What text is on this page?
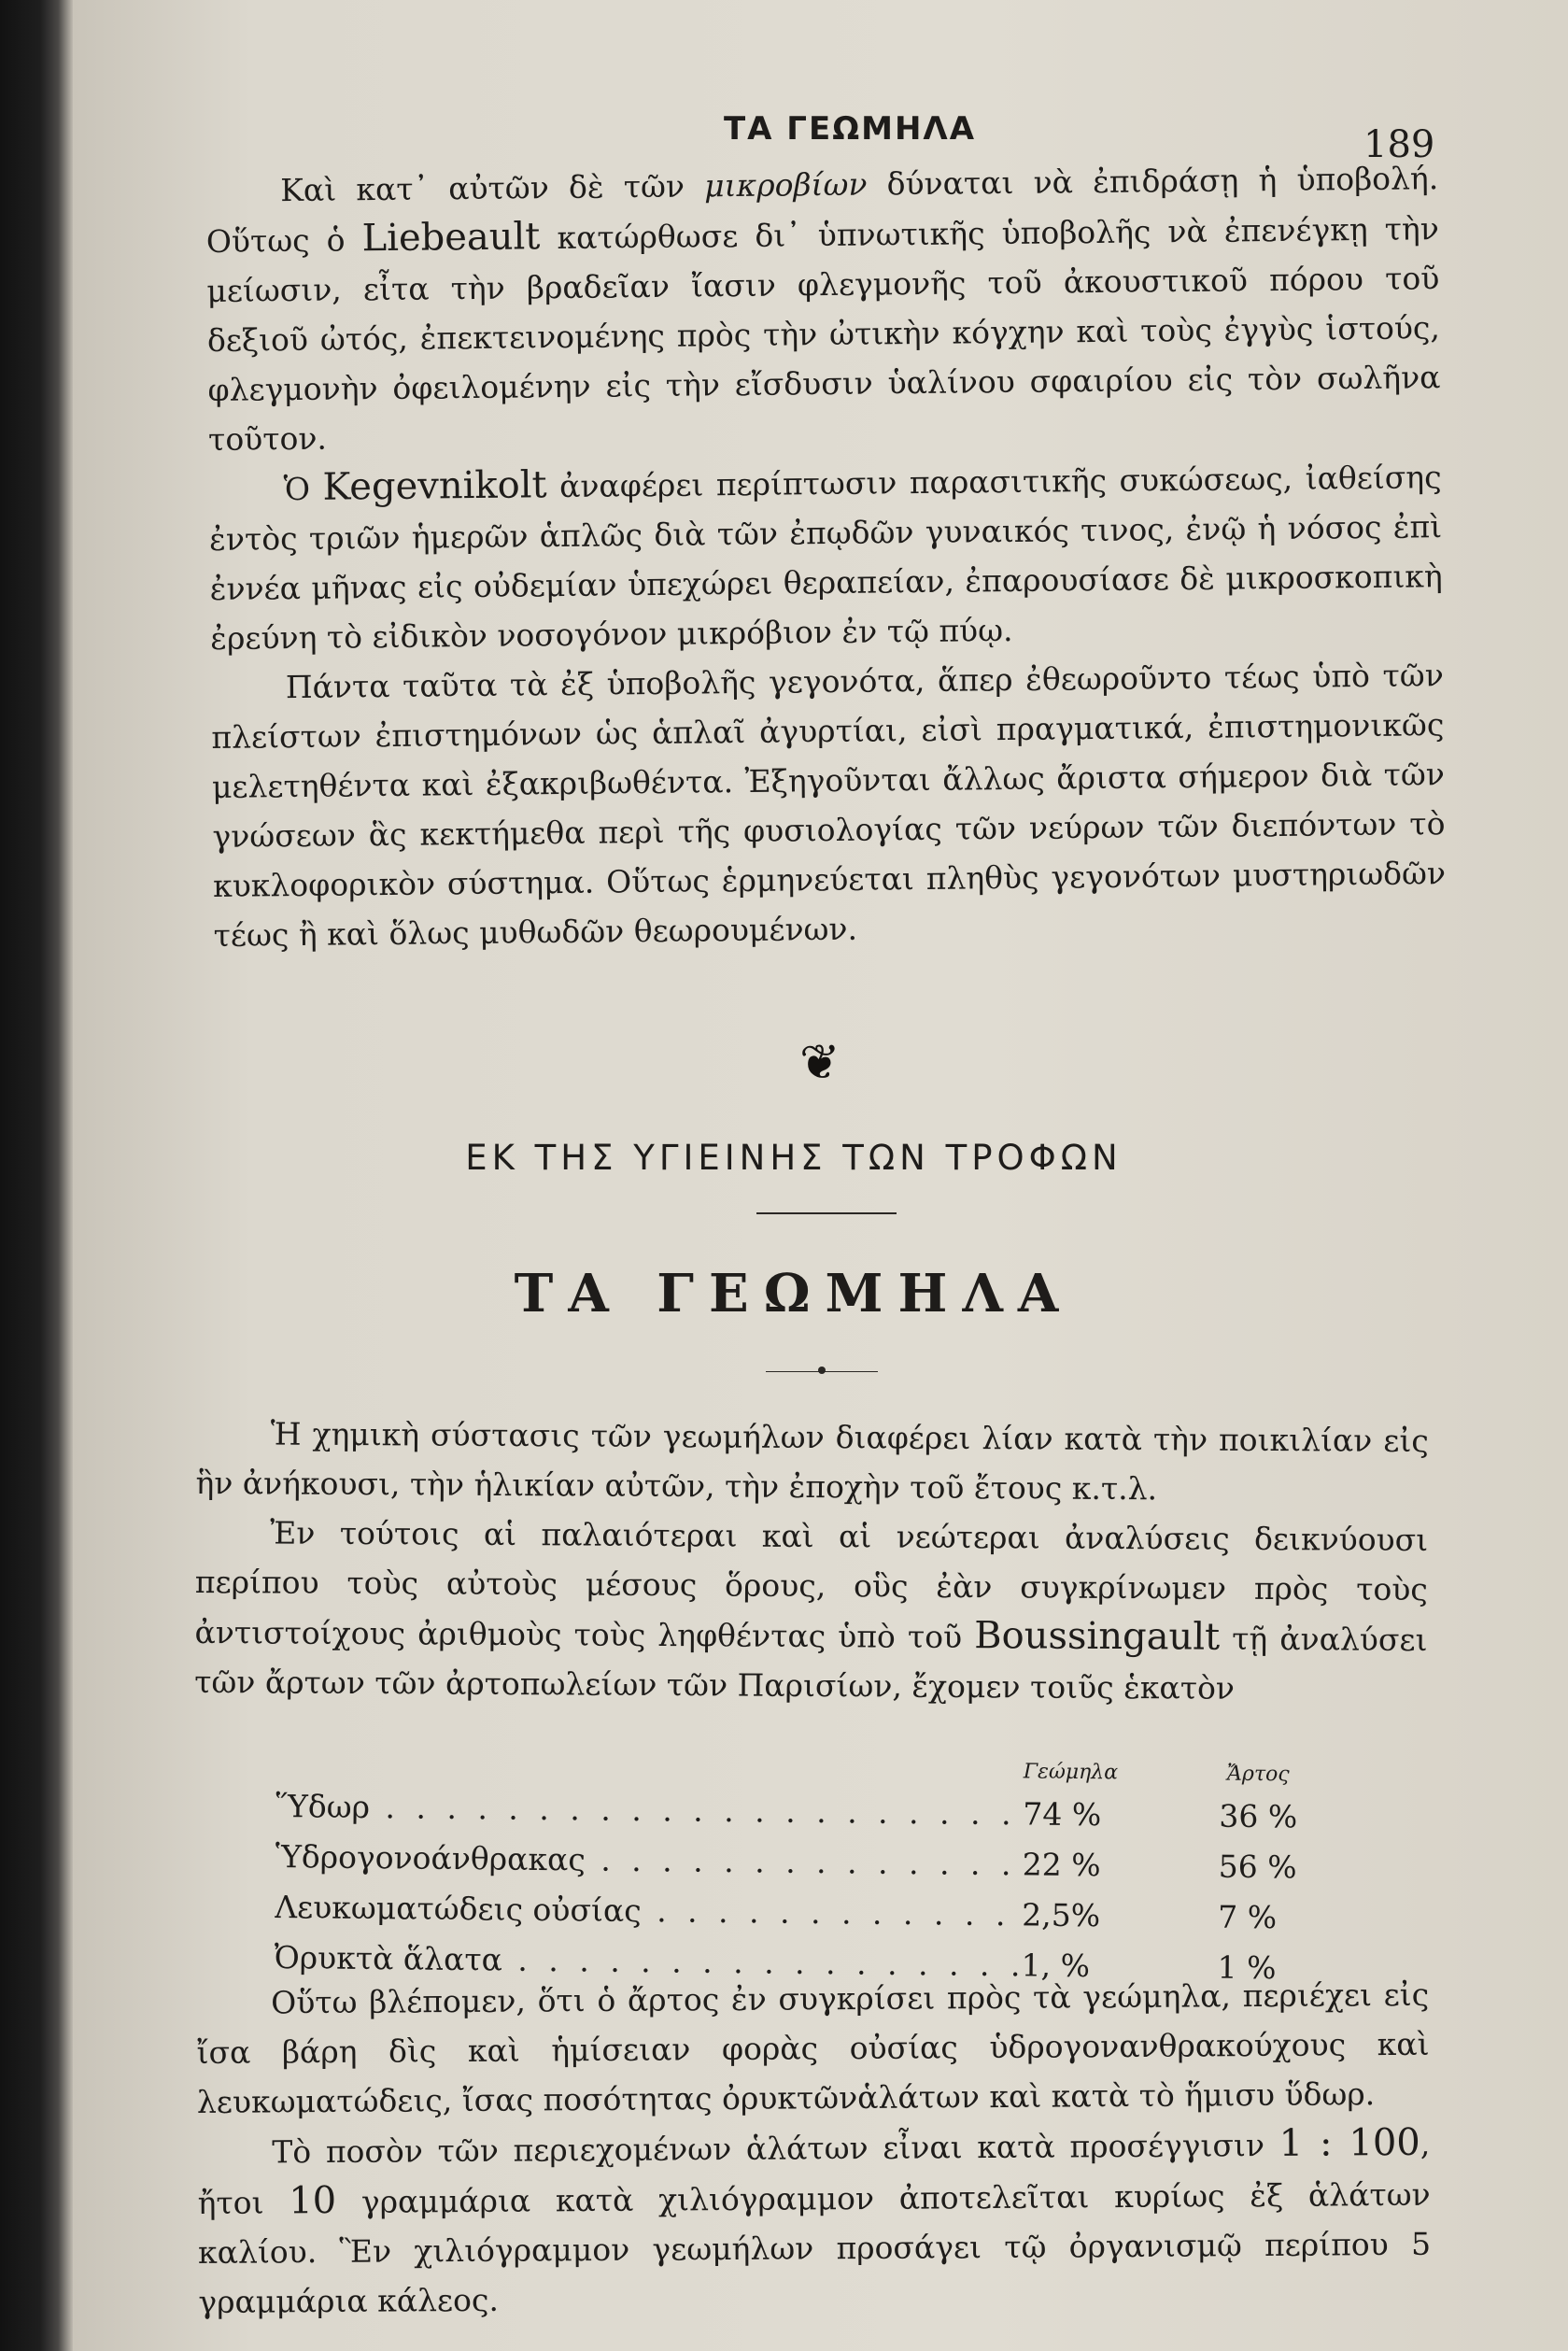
ΤΑ ΓΕΩΜΗΛΑ	189

Καὶ κατ᾽ αὐτῶν δὲ τῶν μικροβίων δύναται νὰ ἐπιδράσῃ ἡ ὑποβολή. Οὕτως ὁ Liebeault κατώρθωσε δι᾽ ὑπνωτικῆς ὑποβολῆς νὰ ἐπενέγκῃ τὴν μείωσιν, εἶτα τὴν βραδεῖαν ἴασιν φλεγμονῆς τοῦ ἀκουστικοῦ πόρου τοῦ δεξιοῦ ὠτός, ἐπεκτεινομένης πρὸς τὴν ὠτικὴν κόγχην καὶ τοὺς ἐγγὺς ἱστούς, φλεγμονὴν ὀφειλομένην εἰς τὴν εἴσδυσιν ὑαλίνου σφαιρίου εἰς τὸν σωλῆνα τοῦτον.

Ὁ Kegevnikolt ἀναφέρει περίπτωσιν παρασιτικῆς συκώσεως, ἰαθείσης ἐντὸς τριῶν ἡμερῶν ἁπλῶς διὰ τῶν ἐπῳδῶν γυναικός τινος, ἐνῷ ἡ νόσος ἐπὶ ἐννέα μῆνας εἰς οὐδεμίαν ὑπεχώρει θεραπείαν, ἐπαρουσίασε δὲ μικροσκοπικὴ ἐρεύνη τὸ εἰδικὸν νοσογόνον μικρόβιον ἐν τῷ πύῳ.

Πάντα ταῦτα τὰ ἐξ ὑποβολῆς γεγονότα, ἅπερ ἐθεωροῦντο τέως ὑπὸ τῶν πλείστων ἐπιστημόνων ὡς ἁπλαῖ ἀγυρτίαι, εἰσὶ πραγματικά, ἐπιστημονικῶς μελετηθέντα καὶ ἐξακριβωθέντα. Ἐξηγοῦνται ἄλλως ἄριστα σήμερον διὰ τῶν γνώσεων ἃς κεκτήμεθα περὶ τῆς φυσιολογίας τῶν νεύρων τῶν διεπόντων τὸ κυκλοφορικὸν σύστημα. Οὕτως ἑρμηνεύεται πληθὺς γεγονότων μυστηριωδῶν τέως ἢ καὶ ὅλως μυθωδῶν θεωρουμένων.

❦
ΕΚ ΤΗΣ ΥΓΙΕΙΝΗΣ ΤΩΝ ΤΡΟΦΩΝ
ΤΑ ΓΕΩΜΗΛΑ

Ἡ χημικὴ σύστασις τῶν γεωμήλων διαφέρει λίαν κατὰ τὴν ποικιλίαν εἰς ἣν ἀνήκουσι, τὴν ἡλικίαν αὐτῶν, τὴν ἐποχὴν τοῦ ἔτους κ.τ.λ.

Ἐν τούτοις αἱ παλαιότεραι καὶ αἱ νεώτεραι ἀναλύσεις δεικνύουσι περίπου τοὺς αὐτοὺς μέσους ὅρους, οὓς ἐὰν συγκρίνωμεν πρὸς τοὺς ἀντιστοίχους ἀριθμοὺς τοὺς ληφθέντας ὑπὸ τοῦ Boussingault τῇ ἀναλύσει τῶν ἄρτων τῶν ἀρτοπωλείων τῶν Παρισίων, ἔχομεν τοιῦς ἑκατὸν

Γεώμηλα	Ἄρτος
Ὕδωρ . . .	74 %	36 %
Ὑδρογονοάνθρακας . . .	22 %	56 %
Λευκωματώδεις οὐσίας . . .	2,5%	7 %
Ὀρυκτὰ ἅλατα . . .	1, %	1 %

Οὕτω βλέπομεν, ὅτι ὁ ἄρτος ἐν συγκρίσει πρὸς τὰ γεώμηλα, περιέχει εἰς ἴσα βάρη δὶς καὶ ἡμίσειαν φορὰς οὐσίας ὑδρογονανθρακούχους καὶ λευκωματώδεις, ἴσας ποσότητας ὀρυκτῶνἁλάτων καὶ κατὰ τὸ ἥμισυ ὕδωρ.

Τὸ ποσὸν τῶν περιεχομένων ἁλάτων εἶναι κατὰ προσέγγισιν 1 : 100, ἤτοι 10 γραμμάρια κατὰ χιλιόγραμμον ἀποτελεῖται κυρίως ἐξ ἁλάτων καλίου. Ἓν χιλιόγραμμον γεωμήλων προσάγει τῷ ὀργανισμῷ περίπου 5 γραμμάρια κάλεος.
